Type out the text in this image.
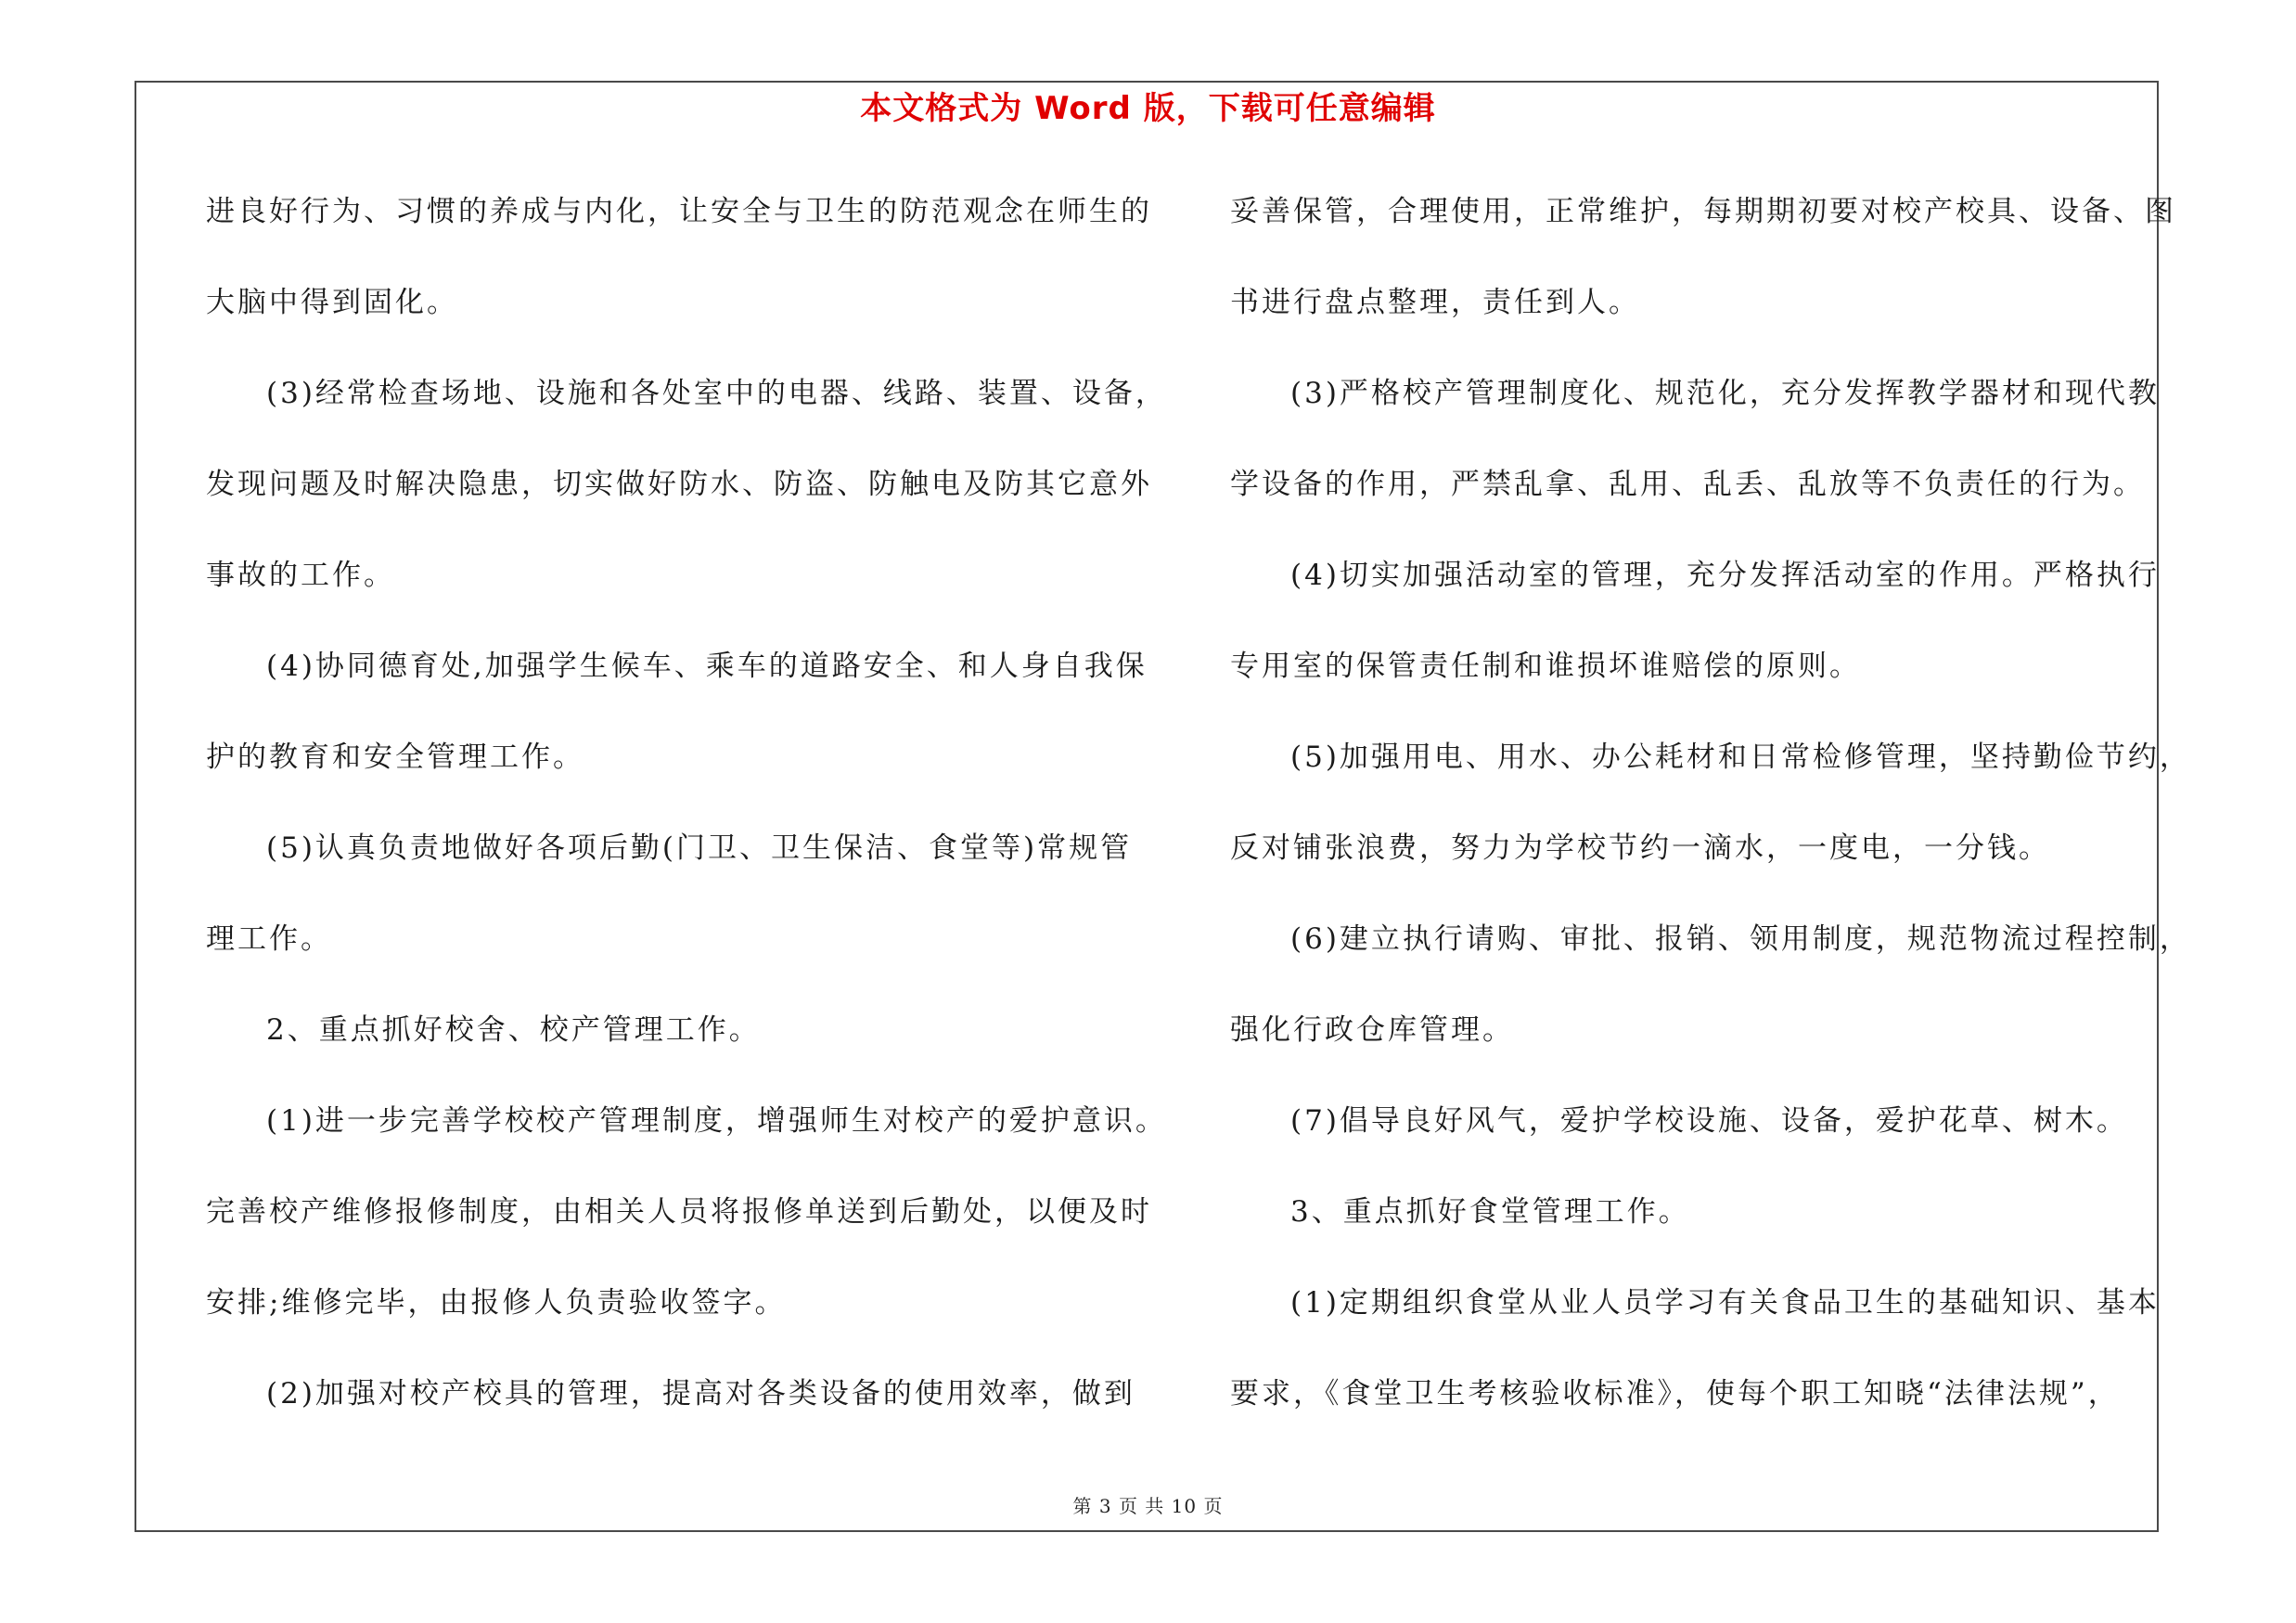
本文格式为 Word 版，下载可任意编辑
进良好行为、习惯的养成与内化，让安全与卫生的防范观念在师生的
大脑中得到固化。
(3)经常检查场地、设施和各处室中的电器、线路、装置、设备，
发现问题及时解决隐患，切实做好防水、防盗、防触电及防其它意外
事故的工作。
(4)协同德育处,加强学生候车、乘车的道路安全、和人身自我保
护的教育和安全管理工作。
(5)认真负责地做好各项后勤(门卫、卫生保洁、食堂等)常规管
理工作。
2、重点抓好校舍、校产管理工作。
(1)进一步完善学校校产管理制度，增强师生对校产的爱护意识。
完善校产维修报修制度，由相关人员将报修单送到后勤处，以便及时
安排;维修完毕，由报修人负责验收签字。
(2)加强对校产校具的管理，提高对各类设备的使用效率，做到
妥善保管，合理使用，正常维护，每期期初要对校产校具、设备、图
书进行盘点整理，责任到人。
(3)严格校产管理制度化、规范化，充分发挥教学器材和现代教
学设备的作用，严禁乱拿、乱用、乱丢、乱放等不负责任的行为。
(4)切实加强活动室的管理，充分发挥活动室的作用。严格执行
专用室的保管责任制和谁损坏谁赔偿的原则。
(5)加强用电、用水、办公耗材和日常检修管理，坚持勤俭节约，
反对铺张浪费，努力为学校节约一滴水，一度电，一分钱。
(6)建立执行请购、审批、报销、领用制度，规范物流过程控制，
强化行政仓库管理。
(7)倡导良好风气，爱护学校设施、设备，爱护花草、树木。
3、重点抓好食堂管理工作。
(1)定期组织食堂从业人员学习有关食品卫生的基础知识、基本
要求，《食堂卫生考核验收标准》，使每个职工知晓“法律法规”，
第 3 页 共 10 页
